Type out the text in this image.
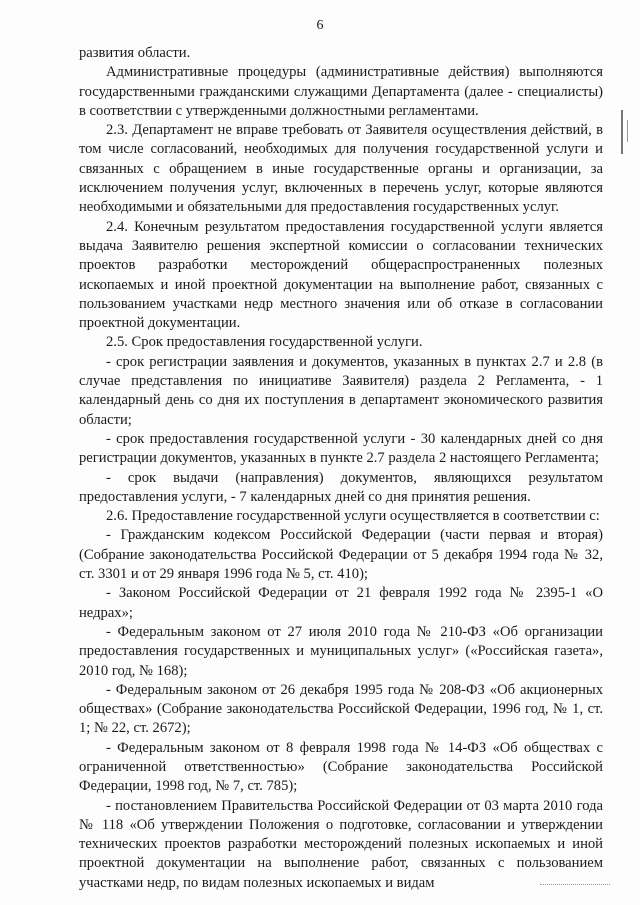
6

развития области.

Административные процедуры (административные действия) выполняются государственными гражданскими служащими Департамента (далее - специалисты) в соответствии с утвержденными должностными регламентами.

2.3. Департамент не вправе требовать от Заявителя осуществления действий, в том числе согласований, необходимых для получения государственной услуги и связанных с обращением в иные государственные органы и организации, за исключением получения услуг, включенных в перечень услуг, которые являются необходимыми и обязательными для предоставления государственных услуг.

2.4. Конечным результатом предоставления государственной услуги является выдача Заявителю решения экспертной комиссии о согласовании технических проектов разработки месторождений общераспространенных полезных ископаемых и иной проектной документации на выполнение работ, связанных с пользованием участками недр местного значения или об отказе в согласовании проектной документации.

2.5. Срок предоставления государственной услуги.

- срок регистрации заявления и документов, указанных в пунктах 2.7 и 2.8 (в случае представления по инициативе Заявителя) раздела 2 Регламента, - 1 календарный день со дня их поступления в департамент экономического развития области;

- срок предоставления государственной услуги - 30 календарных дней со дня регистрации документов, указанных в пункте 2.7 раздела 2 настоящего Регламента;

- срок выдачи (направления) документов, являющихся результатом предоставления услуги, - 7 календарных дней со дня принятия решения.

2.6. Предоставление государственной услуги осуществляется в соответствии с:

- Гражданским кодексом Российской Федерации (части первая и вторая) (Собрание законодательства Российской Федерации от 5 декабря 1994 года № 32, ст. 3301 и от 29 января 1996 года № 5, ст. 410);

- Законом Российской Федерации от 21 февраля 1992 года № 2395-1 «О недрах»;

- Федеральным законом от 27 июля 2010 года № 210-ФЗ «Об организации предоставления государственных и муниципальных услуг» («Российская газета», 2010 год, № 168);

- Федеральным законом от 26 декабря 1995 года № 208-ФЗ «Об акционерных обществах» (Собрание законодательства Российской Федерации, 1996 год, № 1, ст. 1; № 22, ст. 2672);

- Федеральным законом от 8 февраля 1998 года № 14-ФЗ «Об обществах с ограниченной ответственностью» (Собрание законодательства Российской Федерации, 1998 год, № 7, ст. 785);

- постановлением Правительства Российской Федерации от 03 марта 2010 года № 118 «Об утверждении Положения о подготовке, согласовании и утверждении технических проектов разработки месторождений полезных ископаемых и иной проектной документации на выполнение работ, связанных с пользованием участками недр, по видам полезных ископаемых и видам
